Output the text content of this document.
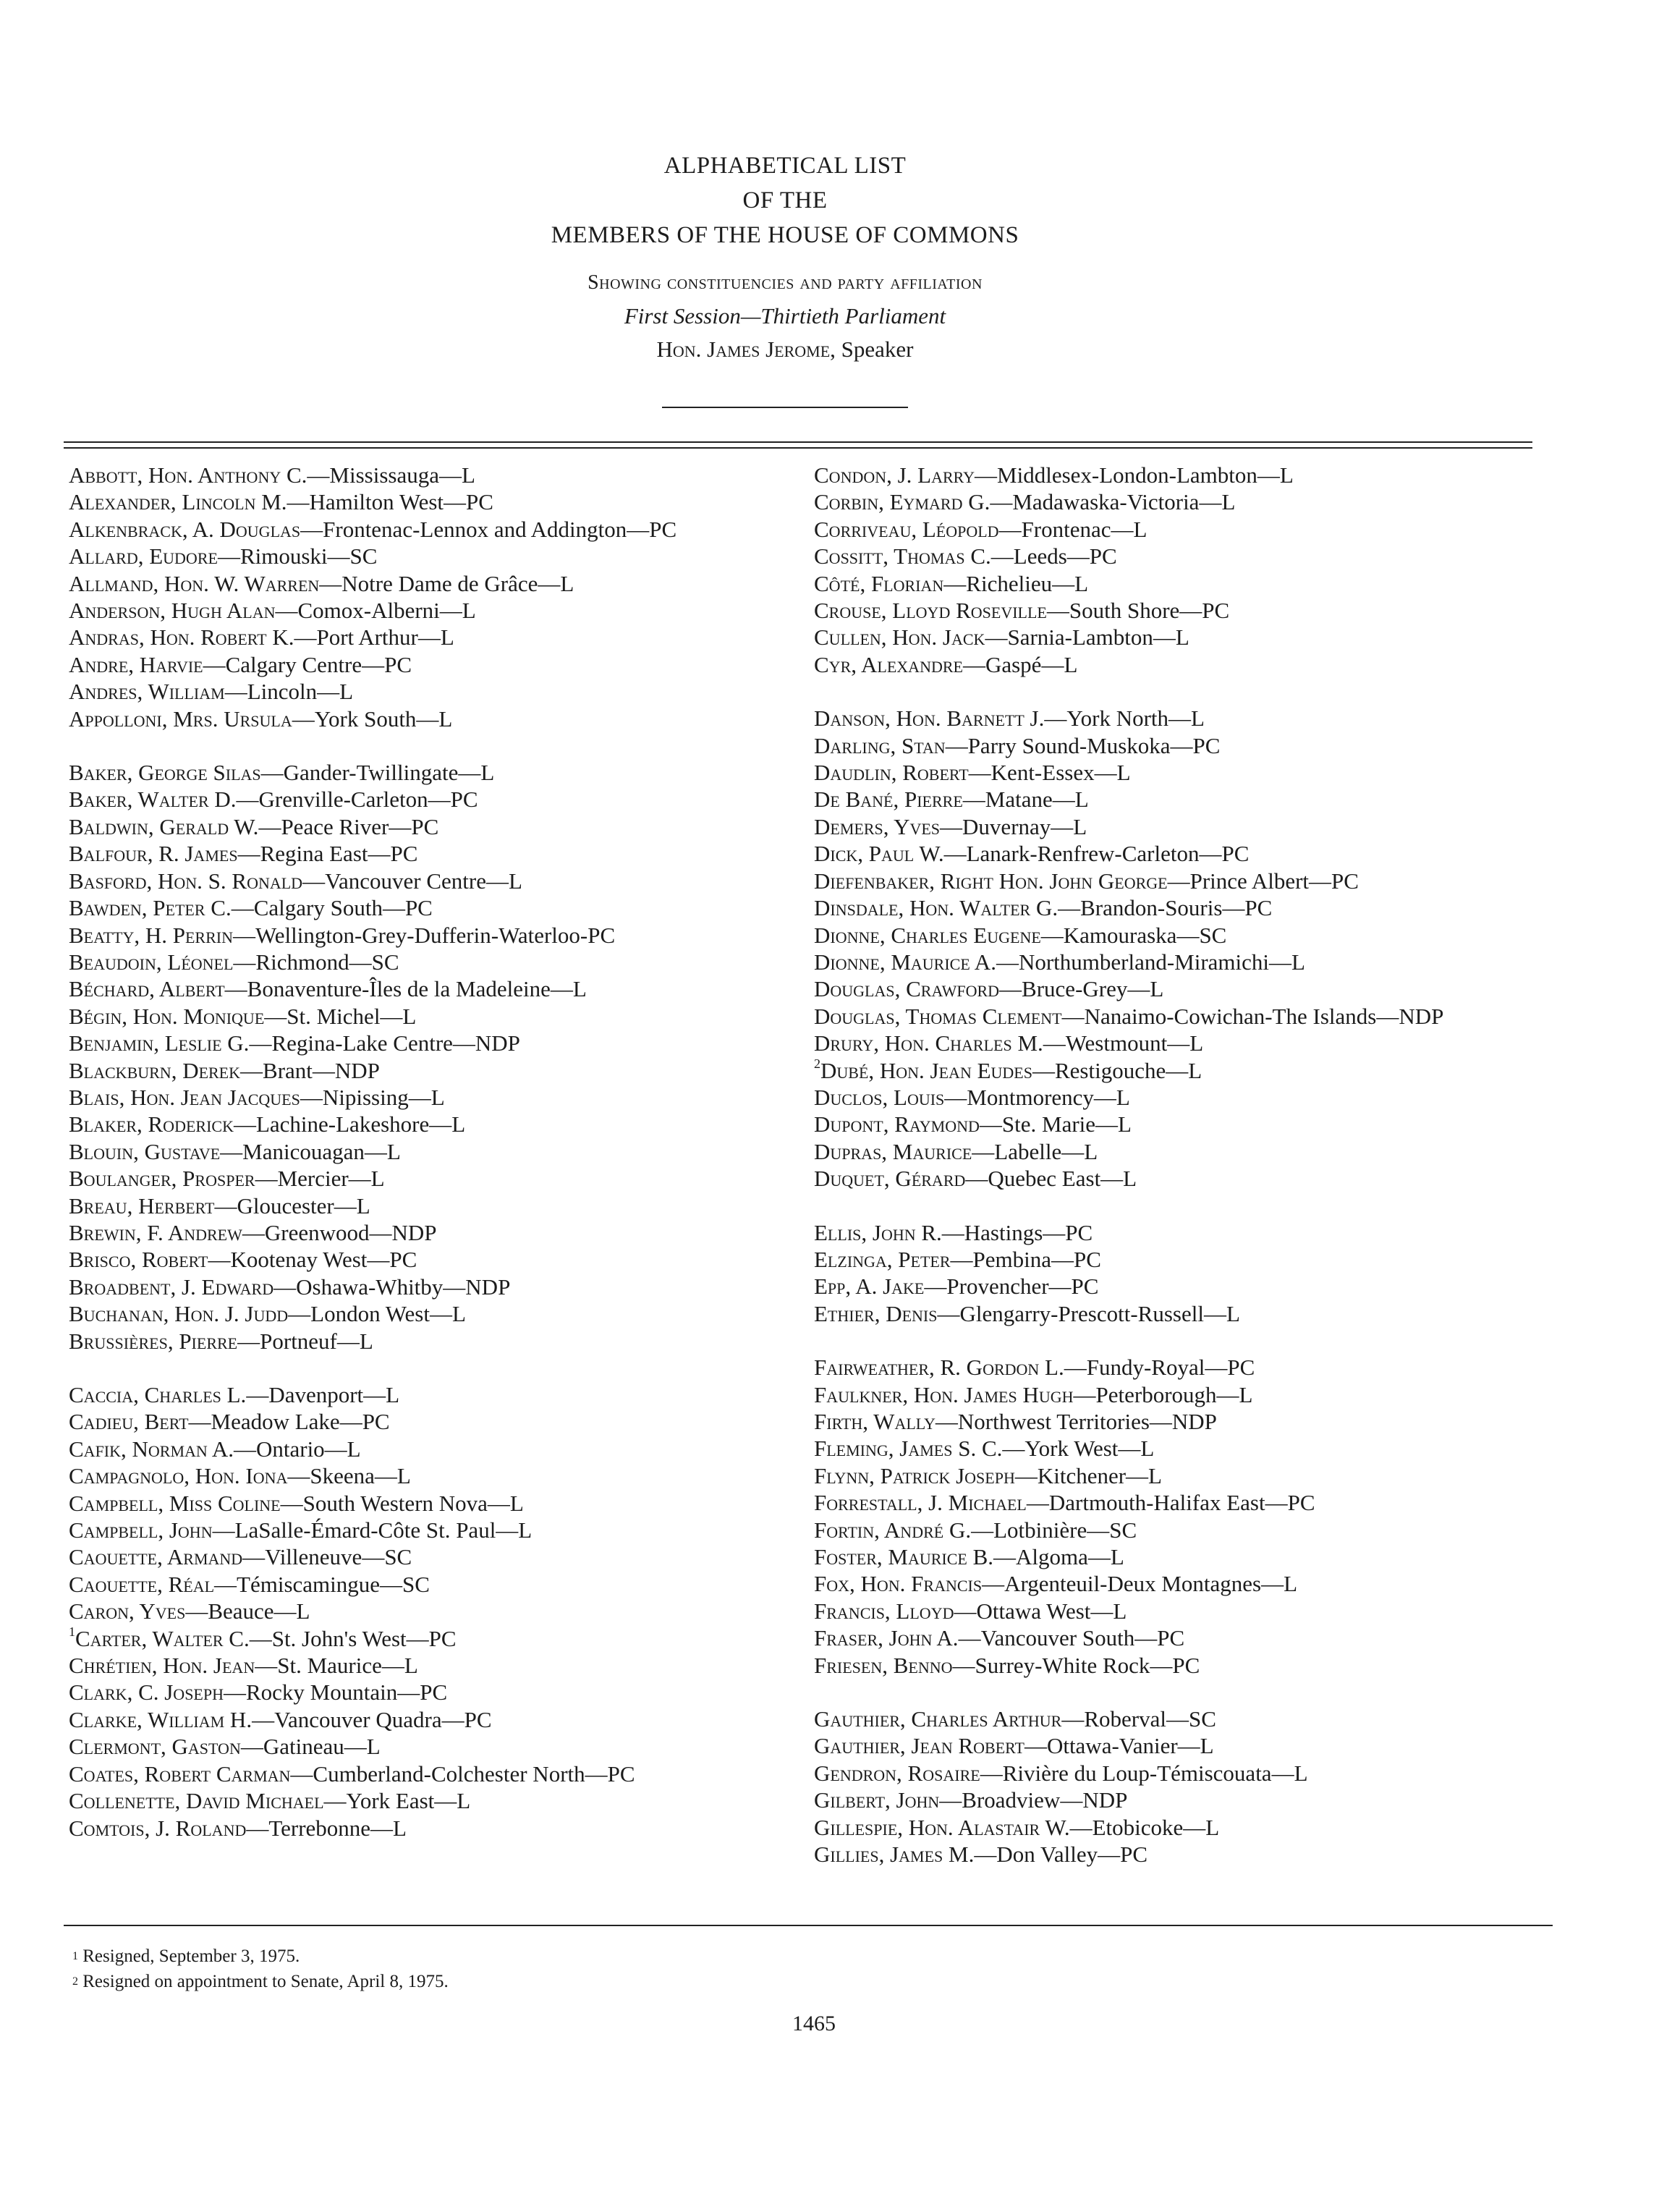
ALPHABETICAL LIST
OF THE
MEMBERS OF THE HOUSE OF COMMONS
Showing constituencies and party affiliation
First Session—Thirtieth Parliament
Hon. James Jerome, Speaker
Abbott, Hon. Anthony C.—Mississauga—L
Alexander, Lincoln M.—Hamilton West—PC
Alkenbrack, A. Douglas—Frontenac-Lennox and Addington—PC
Allard, Eudore—Rimouski—SC
Allmand, Hon. W. Warren—Notre Dame de Grâce—L
Anderson, Hugh Alan—Comox-Alberni—L
Andras, Hon. Robert K.—Port Arthur—L
Andre, Harvie—Calgary Centre—PC
Andres, William—Lincoln—L
Appolloni, Mrs. Ursula—York South—L
Baker, George Silas—Gander-Twillingate—L
Baker, Walter D.—Grenville-Carleton—PC
Baldwin, Gerald W.—Peace River—PC
Balfour, R. James—Regina East—PC
Basford, Hon. S. Ronald—Vancouver Centre—L
Bawden, Peter C.—Calgary South—PC
Beatty, H. Perrin—Wellington-Grey-Dufferin-Waterloo-PC
Beaudoin, Léonel—Richmond—SC
Béchard, Albert—Bonaventure-Îles de la Madeleine—L
Bégin, Hon. Monique—St. Michel—L
Benjamin, Leslie G.—Regina-Lake Centre—NDP
Blackburn, Derek—Brant—NDP
Blais, Hon. Jean Jacques—Nipissing—L
Blaker, Roderick—Lachine-Lakeshore—L
Blouin, Gustave—Manicouagan—L
Boulanger, Prosper—Mercier—L
Breau, Herbert—Gloucester—L
Brewin, F. Andrew—Greenwood—NDP
Brisco, Robert—Kootenay West—PC
Broadbent, J. Edward—Oshawa-Whitby—NDP
Buchanan, Hon. J. Judd—London West—L
Brussières, Pierre—Portneuf—L
Caccia, Charles L.—Davenport—L
Cadieu, Bert—Meadow Lake—PC
Cafik, Norman A.—Ontario—L
Campagnolo, Hon. Iona—Skeena—L
Campbell, Miss Coline—South Western Nova—L
Campbell, John—LaSalle-Émard-Côte St. Paul—L
Caouette, Armand—Villeneuve—SC
Caouette, Réal—Témiscamingue—SC
Caron, Yves—Beauce—L
$^1$Carter, Walter C.—St. John's West—PC
Chrétien, Hon. Jean—St. Maurice—L
Clark, C. Joseph—Rocky Mountain—PC
Clarke, William H.—Vancouver Quadra—PC
Clermont, Gaston—Gatineau—L
Coates, Robert Carman—Cumberland-Colchester North—PC
Collenette, David Michael—York East—L
Comtois, J. Roland—Terrebonne—L
Condon, J. Larry—Middlesex-London-Lambton—L
Corbin, Eymard G.—Madawaska-Victoria—L
Corriveau, Léopold—Frontenac—L
Cossitt, Thomas C.—Leeds—PC
Côté, Florian—Richelieu—L
Crouse, Lloyd Roseville—South Shore—PC
Cullen, Hon. Jack—Sarnia-Lambton—L
Cyr, Alexandre—Gaspé—L
Danson, Hon. Barnett J.—York North—L
Darling, Stan—Parry Sound-Muskoka—PC
Daudlin, Robert—Kent-Essex—L
De Bané, Pierre—Matane—L
Demers, Yves—Duvernay—L
Dick, Paul W.—Lanark-Renfrew-Carleton—PC
Diefenbaker, Right Hon. John George—Prince Albert—PC
Dinsdale, Hon. Walter G.—Brandon-Souris—PC
Dionne, Charles Eugene—Kamouraska—SC
Dionne, Maurice A.—Northumberland-Miramichi—L
Douglas, Crawford—Bruce-Grey—L
Douglas, Thomas Clement—Nanaimo-Cowichan-The Islands—NDP
Drury, Hon. Charles M.—Westmount—L
$^2$Dubé, Hon. Jean Eudes—Restigouche—L
Duclos, Louis—Montmorency—L
Dupont, Raymond—Ste. Marie—L
Dupras, Maurice—Labelle—L
Duquet, Gérard—Quebec East—L
Ellis, John R.—Hastings—PC
Elzinga, Peter—Pembina—PC
Epp, A. Jake—Provencher—PC
Ethier, Denis—Glengarry-Prescott-Russell—L
Fairweather, R. Gordon L.—Fundy-Royal—PC
Faulkner, Hon. James Hugh—Peterborough—L
Firth, Wally—Northwest Territories—NDP
Fleming, James S. C.—York West—L
Flynn, Patrick Joseph—Kitchener—L
Forrestall, J. Michael—Dartmouth-Halifax East—PC
Fortin, André G.—Lotbinière—SC
Foster, Maurice B.—Algoma—L
Fox, Hon. Francis—Argenteuil-Deux Montagnes—L
Francis, Lloyd—Ottawa West—L
Fraser, John A.—Vancouver South—PC
Friesen, Benno—Surrey-White Rock—PC
Gauthier, Charles Arthur—Roberval—SC
Gauthier, Jean Robert—Ottawa-Vanier—L
Gendron, Rosaire—Rivière du Loup-Témiscouata—L
Gilbert, John—Broadview—NDP
Gillespie, Hon. Alastair W.—Etobicoke—L
Gillies, James M.—Don Valley—PC
$^1$ Resigned, September 3, 1975.
$^2$ Resigned on appointment to Senate, April 8, 1975.
1465
